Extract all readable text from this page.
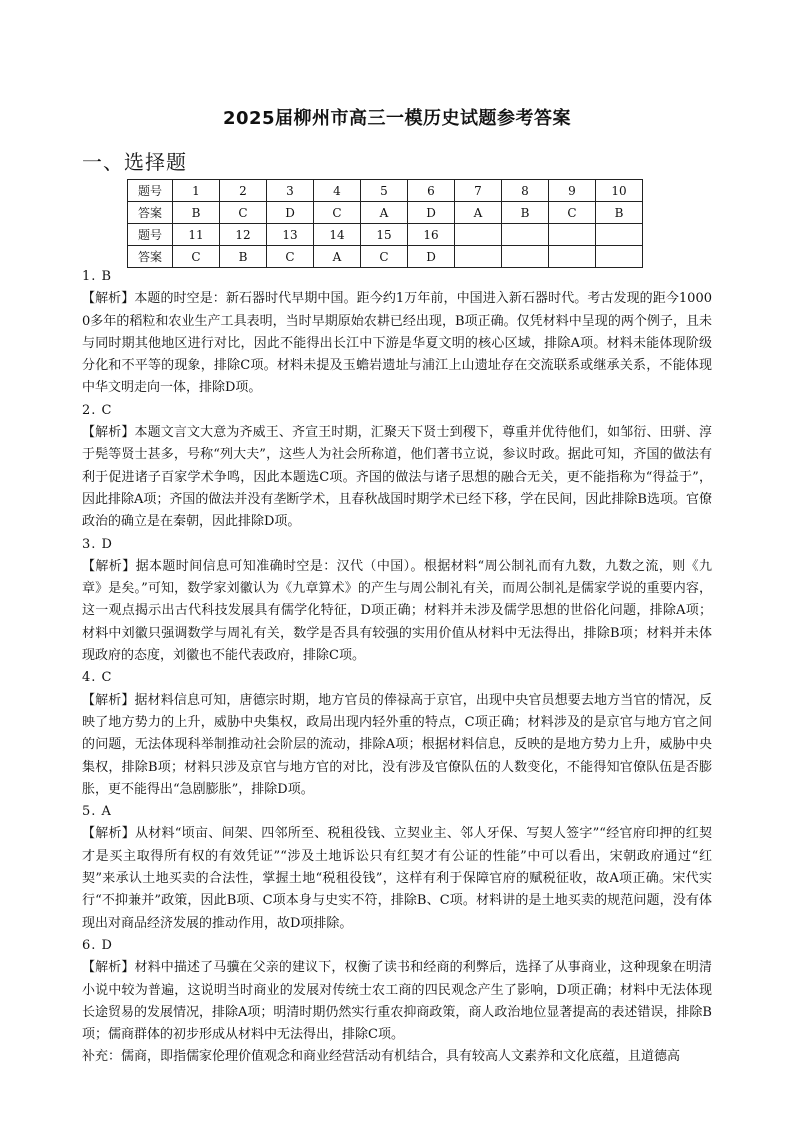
2025届柳州市高三一模历史试题参考答案
一、选择题
题号	1	2	3	4	5	6	7	8	9	10
答案	B	C	D	C	A	D	A	B	C	B
题号	11	12	13	14	15	16				
答案	C	B	C	A	C	D				

1. B

【解析】本题的时空是：新石器时代早期中国。距今约1万年前，中国进入新石器时代。考古发现的距今10000多年的稻粒和农业生产工具表明，当时早期原始农耕已经出现，B项正确。仅凭材料中呈现的两个例子，且未与同时期其他地区进行对比，因此不能得出长江中下游是华夏文明的核心区域，排除A项。材料未能体现阶级分化和不平等的现象，排除C项。材料未提及玉蟾岩遗址与浦江上山遗址存在交流联系或继承关系，不能体现中华文明走向一体，排除D项。

2. C

【解析】本题文言文大意为齐威王、齐宣王时期，汇聚天下贤士到稷下，尊重并优待他们，如邹衍、田骈、淳于髡等贤士甚多，号称“列大夫”，这些人为社会所称道，他们著书立说，参议时政。据此可知，齐国的做法有利于促进诸子百家学术争鸣，因此本题选C项。齐国的做法与诸子思想的融合无关，更不能指称为“得益于”，因此排除A项；齐国的做法并没有垄断学术，且春秋战国时期学术已经下移，学在民间，因此排除B选项。官僚政治的确立是在秦朝，因此排除D项。

3. D

【解析】据本题时间信息可知准确时空是：汉代（中国）。根据材料“周公制礼而有九数，九数之流，则《九章》是矣。”可知，数学家刘徽认为《九章算术》的产生与周公制礼有关，而周公制礼是儒家学说的重要内容，这一观点揭示出古代科技发展具有儒学化特征，D项正确；材料并未涉及儒学思想的世俗化问题，排除A项；材料中刘徽只强调数学与周礼有关，数学是否具有较强的实用价值从材料中无法得出，排除B项；材料并未体现政府的态度，刘徽也不能代表政府，排除C项。

4. C

【解析】据材料信息可知，唐德宗时期，地方官员的俸禄高于京官，出现中央官员想要去地方当官的情况，反映了地方势力的上升，威胁中央集权，政局出现内轻外重的特点，C项正确；材料涉及的是京官与地方官之间的问题，无法体现科举制推动社会阶层的流动，排除A项；根据材料信息，反映的是地方势力上升，威胁中央集权，排除B项；材料只涉及京官与地方官的对比，没有涉及官僚队伍的人数变化，不能得知官僚队伍是否膨胀，更不能得出“急剧膨胀”，排除D项。

5. A

【解析】从材料“顷亩、间架、四邻所至、税租役钱、立契业主、邻人牙保、写契人签字”“经官府印押的红契才是买主取得所有权的有效凭证”“涉及土地诉讼只有红契才有公证的性能”中可以看出，宋朝政府通过“红契”来承认土地买卖的合法性，掌握土地“税租役钱”，这样有利于保障官府的赋税征收，故A项正确。宋代实行“不抑兼并”政策，因此B项、C项本身与史实不符，排除B、C项。材料讲的是土地买卖的规范问题，没有体现出对商品经济发展的推动作用，故D项排除。

6. D

【解析】材料中描述了马骥在父亲的建议下，权衡了读书和经商的利弊后，选择了从事商业，这种现象在明清小说中较为普遍，这说明当时商业的发展对传统士农工商的四民观念产生了影响，D项正确；材料中无法体现长途贸易的发展情况，排除A项；明清时期仍然实行重农抑商政策，商人政治地位显著提高的表述错误，排除B项；儒商群体的初步形成从材料中无法得出，排除C项。

补充：儒商，即指儒家伦理价值观念和商业经营活动有机结合，具有较高人文素养和文化底蕴，且道德高
